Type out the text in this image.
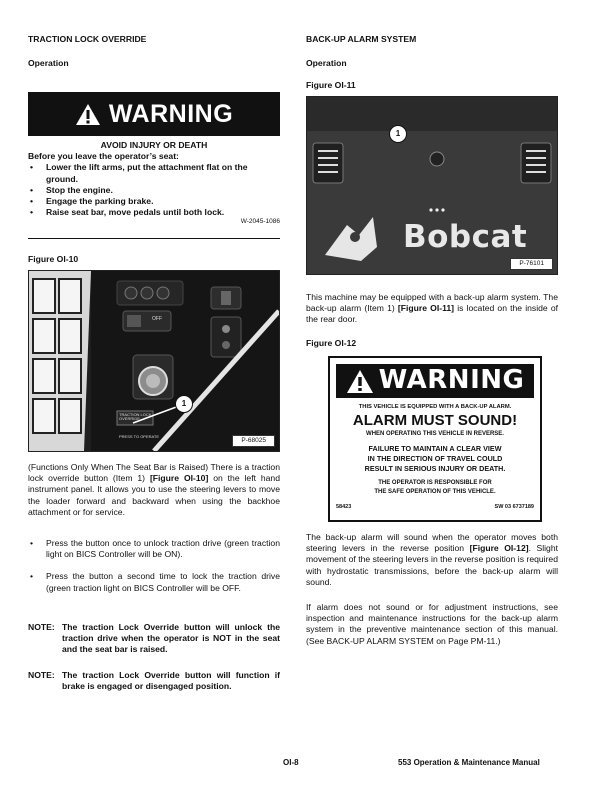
TRACTION LOCK OVERRIDE
Operation
WARNING
AVOID INJURY OR DEATH
Before you leave the operator’s seat:
• Lower the lift arms, put the attachment flat on the ground.
• Stop the engine.
• Engage the parking brake.
• Raise seat bar, move pedals until both lock.
W-2045-1086
Figure OI-10
OFF
TRACTION LOCK OVERRIDE
PRESS TO OPERATE
1
P-68025

(Functions Only When The Seat Bar is Raised) There is a traction lock override button (Item 1) [Figure OI-10] on the left hand instrument panel. It allows you to use the steering levers to move the loader forward and backward when using the backhoe attachment or for service.

• Press the button once to unlock traction drive (green traction light on BICS Controller will be ON).
• Press the button a second time to lock the traction drive (green traction light on BICS Controller will be OFF.
NOTE: The traction Lock Override button will unlock the traction drive when the operator is NOT in the seat and the seat bar is raised.
NOTE: The traction Lock Override button will function if brake is engaged or disengaged position.
BACK-UP ALARM SYSTEM
Operation
Figure OI-11
Bobcat
1
P-76101

This machine may be equipped with a back-up alarm system. The back-up alarm (Item 1) [Figure OI-11] is located on the inside of the rear door.

Figure OI-12
WARNING
THIS VEHICLE IS EQUIPPED WITH A BACK-UP ALARM.
ALARM MUST SOUND!
WHEN OPERATING THIS VEHICLE IN REVERSE.
FAILURE TO MAINTAIN A CLEAR VIEW
IN THE DIRECTION OF TRAVEL COULD
RESULT IN SERIOUS INJURY OR DEATH.
THE OPERATOR IS RESPONSIBLE FOR
THE SAFE OPERATION OF THIS VEHICLE.
58423	SW 03 6737189

The back-up alarm will sound when the operator moves both steering levers in the reverse position [Figure OI-12]. Slight movement of the steering levers in the reverse position is required with hydrostatic transmissions, before the back-up alarm will sound.

If alarm does not sound or for adjustment instructions, see inspection and maintenance instructions for the back-up alarm system in the preventive maintenance section of this manual. (See BACK-UP ALARM SYSTEM on Page PM-11.)

OI-8	553 Operation & Maintenance Manual
